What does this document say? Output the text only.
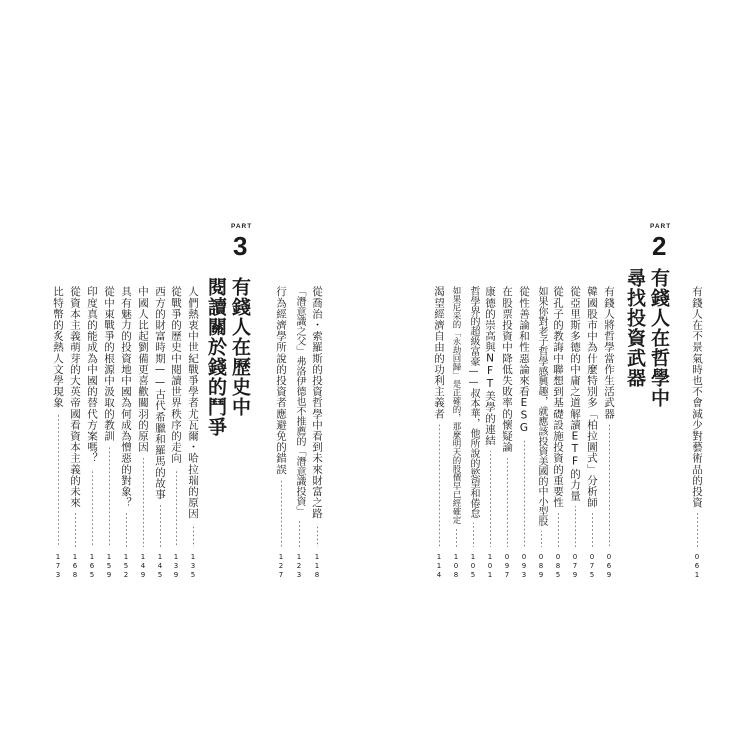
PART
3
有錢人在歷史中
閱讀關於錢的鬥爭	從喬治・索羅斯的投資哲學中看到未來財富之路
118
「潛意識之父」弗洛伊德也不推薦的「潛意識投資」
123
行為經濟學所說的投資者應避免的錯誤
127
人們熱衷中世紀戰爭學者尤瓦爾・哈拉瑞的原因
135
從戰爭的歷史中閱讀世界秩序的走向
139
西方的財富時期——古代希臘和羅馬的故事
145
中國人比起劉備更喜歡關羽的原因
149
具有魅力的投資地中國為何成為憎惡的對象？
152
從中東戰爭的根源中汲取的教訓
159
印度真的能成為中國的替代方案嗎？
165
從資本主義萌芽的大英帝國看資本主義的未來
168
比特幣的炙熱人文學現象
173
PART
2
有錢人在哲學中
尋找投資武器	有錢人在不景氣時也不會減少對藝術品的投資
061
有錢人將哲學當作生活武器
069
韓國股市中為什麼特別多「柏拉圖式」分析師
075
從亞里斯多德的中庸之道解讀ETF的力量
079
從孔子的教誨中聯想到基礎設施投資的重要性
085
如果你對老子哲學感興趣，就應該投資美國的中小型股
089
從性善論和性惡論來看ESG
093
在股票投資中降低失敗率的懷疑論
097
康德的崇高與NFT美學的連結
101
哲學界的超級富豪——叔本華，他所說的慾望和倦怠
105
如果尼采的「永劫回歸」是正確的，那麼明天的股價早已經確定
108
渴望經濟自由的功利主義者
114
